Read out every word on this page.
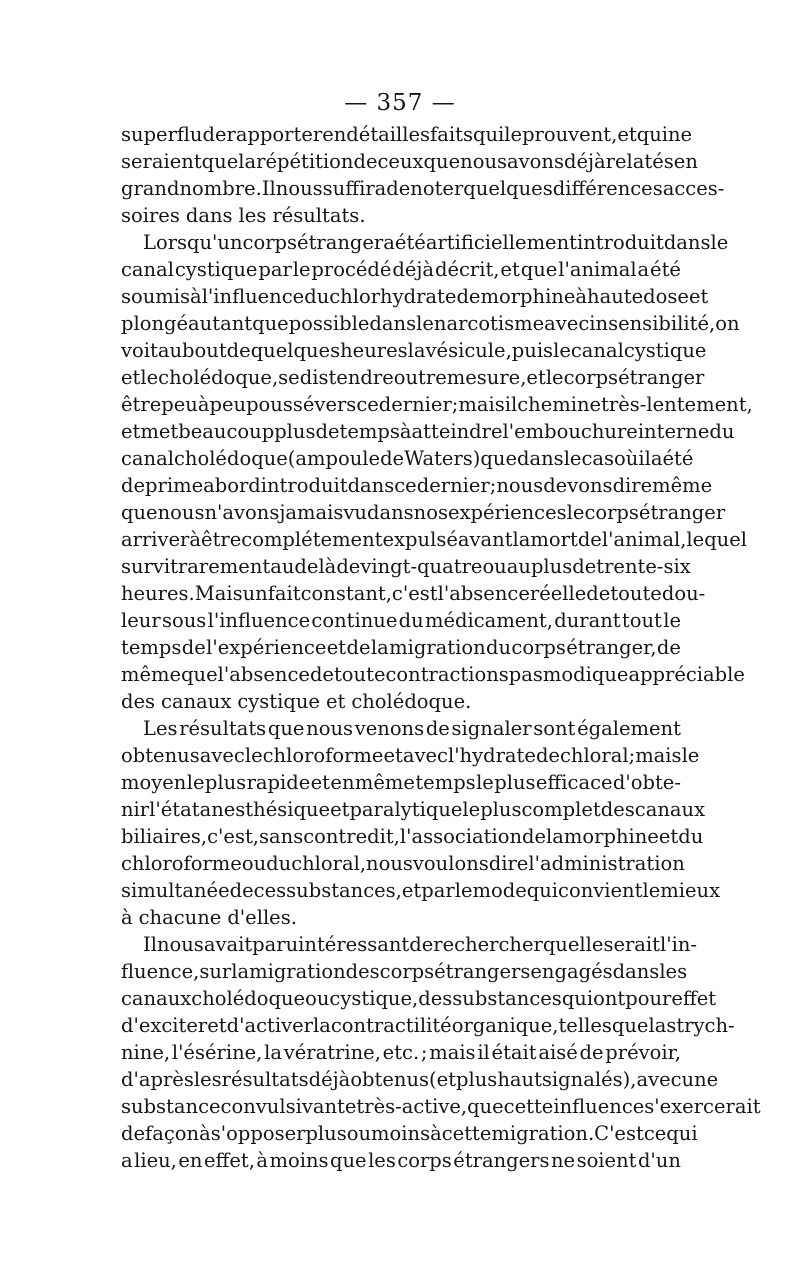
— 357 —
superflu de rapporter en détail les faits qui le prouvent, et qui ne
seraient que la répétition de ceux que nous avons déjà relatés en
grand nombre. Il nous suffira de noter quelques différences acces-
soires dans les résultats.
Lorsqu'un corps étranger a été artificiellement introduit dans le
canal cystique par le procédé déjà décrit, et que l'animal a été
soumis à l'influence du chlorhydrate de morphine à haute dose et
plongé autant que possible dans le narcotisme avec insensibilité, on
voit au bout de quelques heures la vésicule, puis le canal cystique
et le cholédoque, se distendre outre mesure, et le corps étranger
être peu à peu poussé vers ce dernier ; mais il chemine très-lentement,
et met beaucoup plus de temps à atteindre l'embouchure interne du
canal cholédoque (ampoule de Waters) que dans le cas où il a été
de prime abord introduit dans ce dernier ; nous devons dire même
que nous n'avons jamais vu dans nos expériences le corps étranger
arriver à être complétement expulsé avant la mort de l'animal, lequel
survit rarement au delà de vingt-quatre ou au plus de trente-six
heures. Mais un fait constant, c'est l'absence réelle de toute dou-
leur sous l'influence continue du médicament, durant tout le
temps de l'expérience et de la migration du corps étranger, de
même que l'absence de toute contraction spasmodique appréciable
des canaux cystique et cholédoque.
Les résultats que nous venons de signaler sont également
obtenus avec le chloroforme et avec l'hydrate de chloral ; mais le
moyen le plus rapide et en même temps le plus efficace d'obte-
nir l'état anesthésique et paralytique le plus complet des canaux
biliaires, c'est, sans contredit, l'association de la morphine et du
chloroforme ou du chloral, nous voulons dire l'administration
simultanée de ces substances, et par le mode qui convient le mieux
à chacune d'elles.
Il nous avait paru intéressant de rechercher quelle serait l'in-
fluence, sur la migration des corps étrangers engagés dans les
canaux cholédoque ou cystique, des substances qui ont pour effet
d'exciter et d'activer la contractilité organique, telles que la strych-
nine, l'ésérine, la vératrine, etc. ; mais il était aisé de prévoir,
d'après les résultats déjà obtenus (et plus haut signalés), avec une
substance convulsivante très-active, que cette influence s'exercerait
de façon à s'opposer plus ou moins à cette migration. C'est ce qui
a lieu, en effet, à moins que les corps étrangers ne soient d'un
